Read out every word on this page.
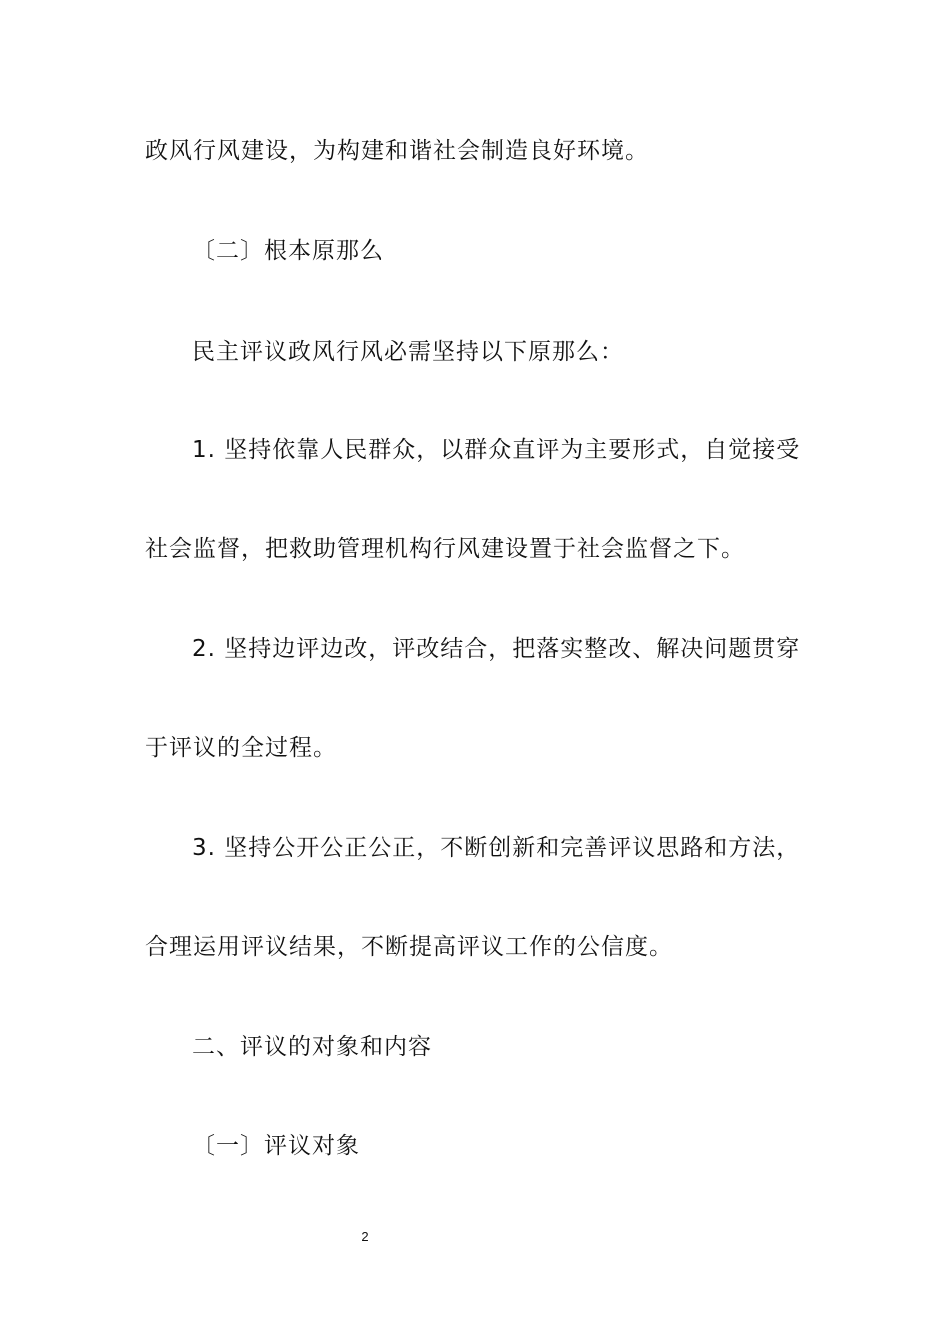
政风行风建设，为构建和谐社会制造良好环境。
〔二〕根本原那么
民主评议政风行风必需坚持以下原那么：
1. 坚持依靠人民群众，以群众直评为主要形式，自觉接受
社会监督，把救助管理机构行风建设置于社会监督之下。
2. 坚持边评边改，评改结合，把落实整改、解决问题贯穿
于评议的全过程。
3. 坚持公开公正公正，不断创新和完善评议思路和方法，
合理运用评议结果，不断提高评议工作的公信度。
二、评议的对象和内容
〔一〕评议对象
2
